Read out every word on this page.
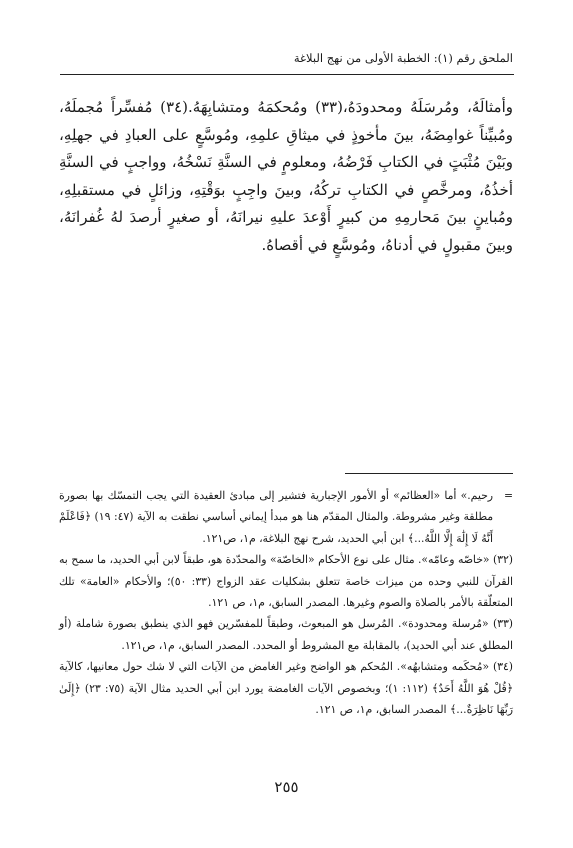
الملحق رقم (١): الخطبة الأولى من نهج البلاغة

وأمثالَهُ، ومُرسَلَهُ ومحدودَهُ،(٣٣) ومُحكمَهُ ومتشابِهَهُ.(٣٤) مُفسِّراً مُجملَهُ، ومُبيِّناً غوامِضَهُ، بينَ مأخوذٍ في ميثاقِ علمِهِ، ومُوسَّعٍ على العبادِ في جهلِهِ، وبَيْنَ مُثْبَتٍ في الكتابِ فَرْضُهُ، ومعلومٍ في السنَّةِ نَسْخُهُ، وواجبٍ في السنَّةِ أخذُهُ، ومرخَّصٍ في الكتابِ تركُهُ، وبينَ واجِبٍ بوَقْتِهِ، وزائلٍ في مستقبلِهِ، ومُباينٍ بينَ مَحارمِهِ من كبيرٍ أَوْعدَ عليهِ نيرانَهُ، أو صغيرٍ أرصدَ لهُ غُفرانَهُ، وبينَ مقبولٍ في أدناهُ، ومُوسَّعٍ في أقصاهُ.

=
رحيم.» أما «العظائم» أو الأمور الإجبارية فتشير إلى مبادئ العقيدة التي يجب التمسّك بها بصورة مطلقة وغير مشروطة. والمثال المقدّم هنا هو مبدأ إيماني أساسي نطقت به الآية (٤٧: ١٩) ﴿فَاعْلَمْ أَنَّهُ لَا إِلَٰهَ إِلَّا اللَّهُ...﴾ ابن أبي الحديد، شرح نهج البلاغة، م١، ص١٢١.

(٣٢) «خاصّه وعامّه». مثال على نوع الأحكام «الخاصّة» والمحدّدة هو، طبقاً لابن أبي الحديد، ما سمح به القرآن للنبي وحده من ميزات خاصة تتعلق بشكليات عقد الزواج (٣٣: ٥٠)؛ والأحكام «العامة» تلك المتعلّقة بالأمر بالصلاة والصوم وغيرها. المصدر السابق، م١، ص ١٢١.

(٣٣) «مُرسلة ومحدودة». المُرسل هو المبعوث، وطبقاً للمفسّرين فهو الذي ينطبق بصورة شاملة (أو المطلق عند أبي الحديد)، بالمقابلة مع المشروط أو المحدد. المصدر السابق، م١، ص١٢١.

(٣٤) «مُحكَمه ومتشابهُه». المُحكم هو الواضح وغير الغامض من الآيات التي لا شك حول معانيها، كالآية ﴿قُلْ هُوَ اللَّهُ أَحَدٌ﴾ (١١٢: ١)؛ وبخصوص الآيات الغامضة يورد ابن أبي الحديد مثال الآية (٧٥: ٢٣) ﴿إِلَىٰ رَبِّهَا نَاظِرَةٌ...﴾ المصدر السابق، م١، ص ١٢١.

٢٥٥
